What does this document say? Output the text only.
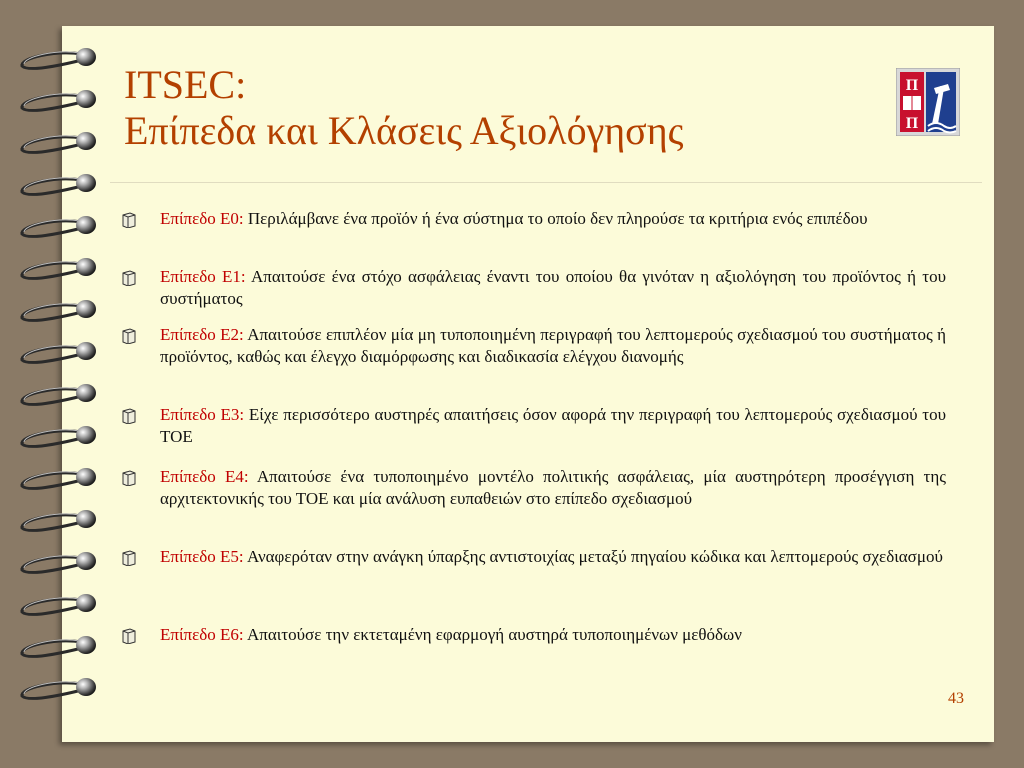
ITSEC:
Επίπεδα και Κλάσεις Αξιολόγησης
Π
Π
Επίπεδο Ε0: Περιλάμβανε ένα προϊόν ή ένα σύστημα το οποίο δεν πληρούσε τα κριτήρια ενός επιπέδου
Επίπεδο Ε1: Απαιτούσε ένα στόχο ασφάλειας έναντι του οποίου θα γινόταν η αξιολόγηση του προϊόντος ή του συστήματος
Επίπεδο Ε2: Απαιτούσε επιπλέον μία μη τυποποιημένη περιγραφή του λεπτομερούς σχεδιασμού του συστήματος ή προϊόντος, καθώς και έλεγχο διαμόρφωσης και διαδικασία ελέγχου διανομής
Επίπεδο Ε3: Είχε περισσότερο αυστηρές απαιτήσεις όσον αφορά την περιγραφή του λεπτομερούς σχεδιασμού του ΤΟΕ
Επίπεδο Ε4: Απαιτούσε ένα τυποποιημένο μοντέλο πολιτικής ασφάλειας, μία αυστηρότερη προσέγγιση της αρχιτεκτονικής του ΤΟΕ και μία ανάλυση ευπαθειών στο επίπεδο σχεδιασμού
Επίπεδο Ε5: Αναφερόταν στην ανάγκη ύπαρξης αντιστοιχίας μεταξύ πηγαίου κώδικα και λεπτομερούς σχεδιασμού
Επίπεδο Ε6: Απαιτούσε την εκτεταμένη εφαρμογή αυστηρά τυποποιημένων μεθόδων
43
